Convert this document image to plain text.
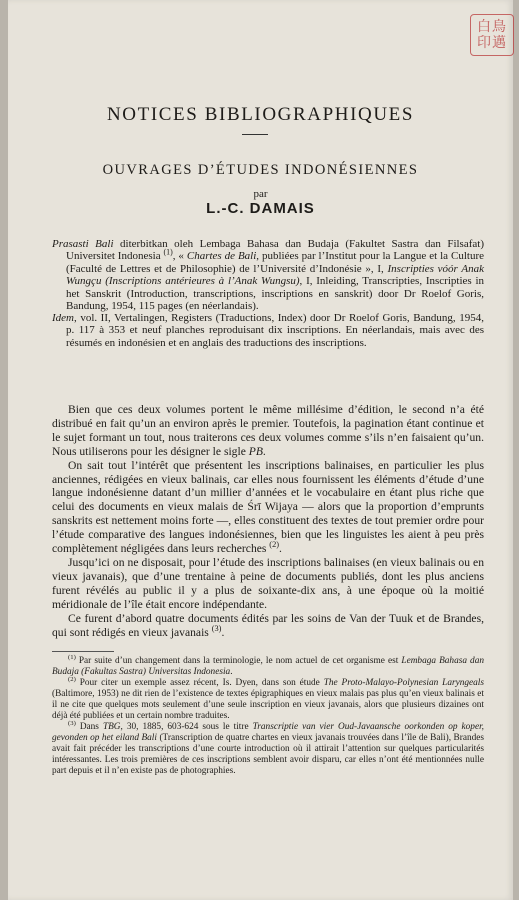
白鳥印邁
NOTICES BIBLIOGRAPHIQUES
OUVRAGES D’ÉTUDES INDONÉSIENNES
par
L.-C. DAMAIS
Prasasti Bali diterbitkan oleh Lembaga Bahasa dan Budaja (Fakultet Sastra dan Filsafat) Universitet Indonesia $^{(1)}$, « Chartes de Bali, publiées par l’Institut pour la Langue et la Culture (Faculté de Lettres et de Philosophie) de l’Université d’Indonésie », I, Inscripties vóór Anak Wungçu (Inscriptions antérieures à l’Anak Wungsu), I, Inleiding, Transcripties, Inscripties in het Sanskrit (Introduction, transcriptions, inscriptions en sanskrit) door Dr Roelof Goris, Bandung, 1954, 115 pages (en néerlandais).
Idem, vol. II, Vertalingen, Registers (Traductions, Index) door Dr Roelof Goris, Bandung, 1954, p. 117 à 353 et neuf planches reproduisant dix inscriptions. En néerlandais, mais avec des résumés en indonésien et en anglais des traductions des inscriptions.

Bien que ces deux volumes portent le même millésime d’édition, le second n’a été distribué en fait qu’un an environ après le premier. Toutefois, la pagination étant continue et le sujet formant un tout, nous traiterons ces deux volumes comme s’ils n’en faisaient qu’un. Nous utiliserons pour les désigner le sigle PB.

On sait tout l’intérêt que présentent les inscriptions balinaises, en particulier les plus anciennes, rédigées en vieux balinais, car elles nous fournissent les éléments d’étude d’une langue indonésienne datant d’un millier d’années et le vocabulaire en étant plus riche que celui des documents en vieux malais de Śrī Wijaya — alors que la proportion d’emprunts sanskrits est nettement moins forte —, elles constituent des textes de tout premier ordre pour l’étude comparative des langues indonésiennes, bien que les linguistes les aient à peu près complètement négligées dans leurs recherches $^{(2)}$.

Jusqu’ici on ne disposait, pour l’étude des inscriptions balinaises (en vieux balinais ou en vieux javanais), que d’une trentaine à peine de documents publiés, dont les plus anciens furent révélés au public il y a plus de soixante-dix ans, à une époque où la moitié méridionale de l’île était encore indépendante.

Ce furent d’abord quatre documents édités par les soins de Van der Tuuk et de Brandes, qui sont rédigés en vieux javanais $^{(3)}$.

$^{(1)}$ Par suite d’un changement dans la terminologie, le nom actuel de cet organisme est Lembaga Bahasa dan Budaja (Fakultas Sastra) Universitas Indonesia.

$^{(2)}$ Pour citer un exemple assez récent, Is. Dyen, dans son étude The Proto-Malayo-Polynesian Laryngeals (Baltimore, 1953) ne dit rien de l’existence de textes épigraphiques en vieux malais pas plus qu’en vieux balinais et il ne cite que quelques mots seulement d’une seule inscription en vieux javanais, alors que plusieurs dizaines ont déjà été publiées et un certain nombre traduites.

$^{(3)}$ Dans TBG, 30, 1885, 603-624 sous le titre Transcriptie van vier Oud-Javaansche oorkonden op koper, gevonden op het eiland Bali (Transcription de quatre chartes en vieux javanais trouvées dans l’île de Bali), Brandes avait fait précéder les transcriptions d’une courte introduction où il attirait l’attention sur quelques particularités intéressantes. Les trois premières de ces inscriptions semblent avoir disparu, car elles n’ont été mentionnées nulle part depuis et il n’en existe pas de photographies.
